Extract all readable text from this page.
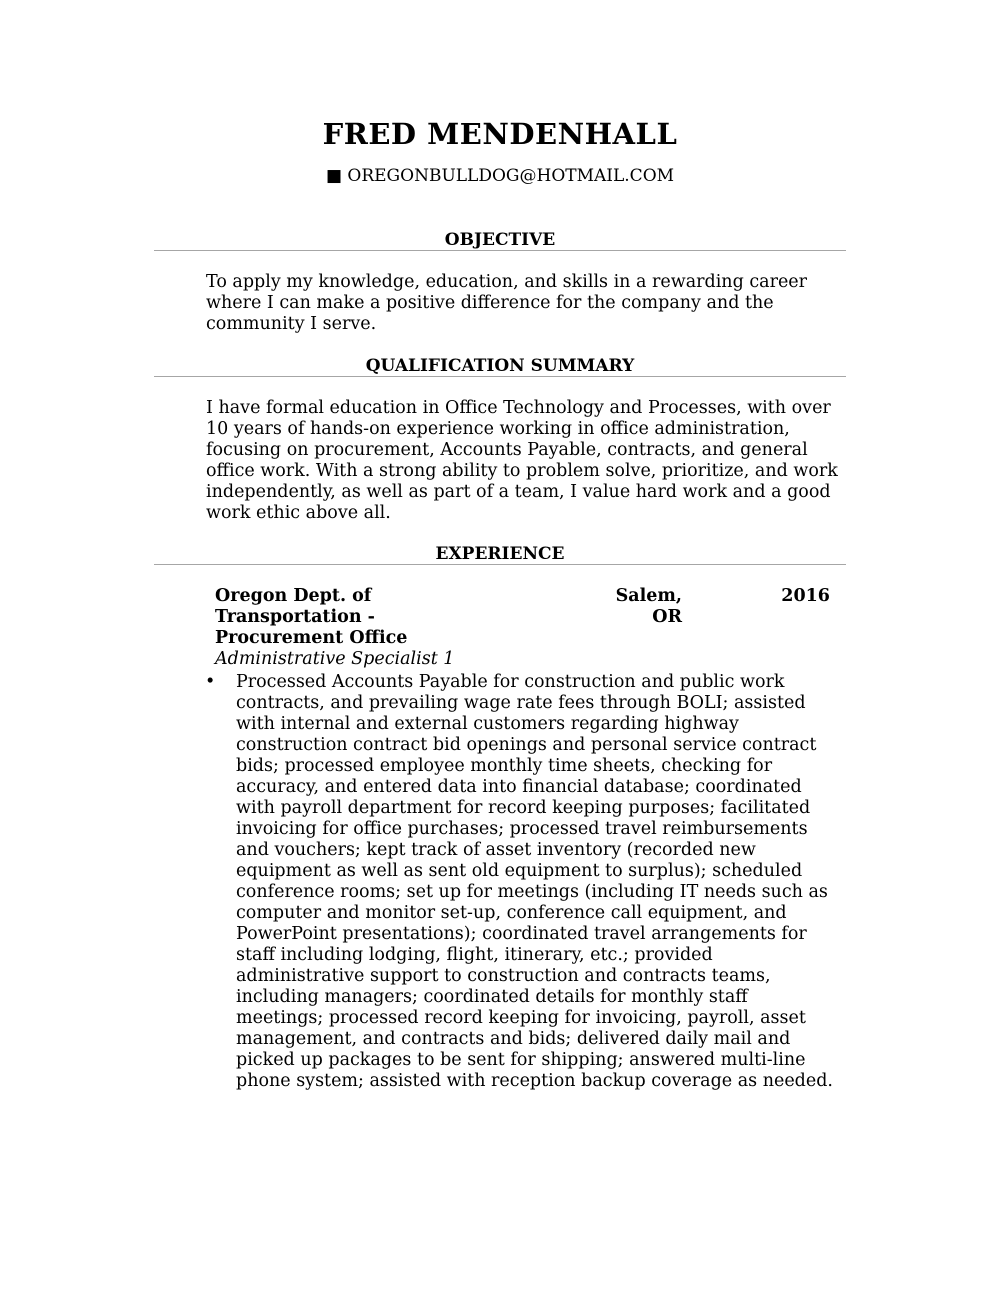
FRED MENDENHALL
■ OREGONBULLDOG@HOTMAIL.COM
OBJECTIVE

To apply my knowledge, education, and skills in a rewarding career where I can make a positive difference for the company and the community I serve.

QUALIFICATION SUMMARY

I have formal education in Office Technology and Processes, with over 10 years of hands-on experience working in office administration, focusing on procurement, Accounts Payable, contracts, and general office work. With a strong ability to problem solve, prioritize, and work independently, as well as part of a team, I value hard work and a good work ethic above all.

EXPERIENCE
Oregon Dept. of Transportation - Procurement Office
Salem, OR
2016
Administrative Specialist 1
•	Processed Accounts Payable for construction and public work contracts, and prevailing wage rate fees through BOLI; assisted with internal and external customers regarding highway construction contract bid openings and personal service contract bids; processed employee monthly time sheets, checking for accuracy, and entered data into financial database; coordinated with payroll department for record keeping purposes; facilitated invoicing for office purchases; processed travel reimbursements and vouchers; kept track of asset inventory (recorded new equipment as well as sent old equipment to surplus); scheduled conference rooms; set up for meetings (including IT needs such as computer and monitor set-up, conference call equipment, and PowerPoint presentations); coordinated travel arrangements for staff including lodging, flight, itinerary, etc.; provided administrative support to construction and contracts teams, including managers; coordinated details for monthly staff meetings; processed record keeping for invoicing, payroll, asset management, and contracts and bids; delivered daily mail and picked up packages to be sent for shipping; answered multi-line phone system; assisted with reception backup coverage as needed.
